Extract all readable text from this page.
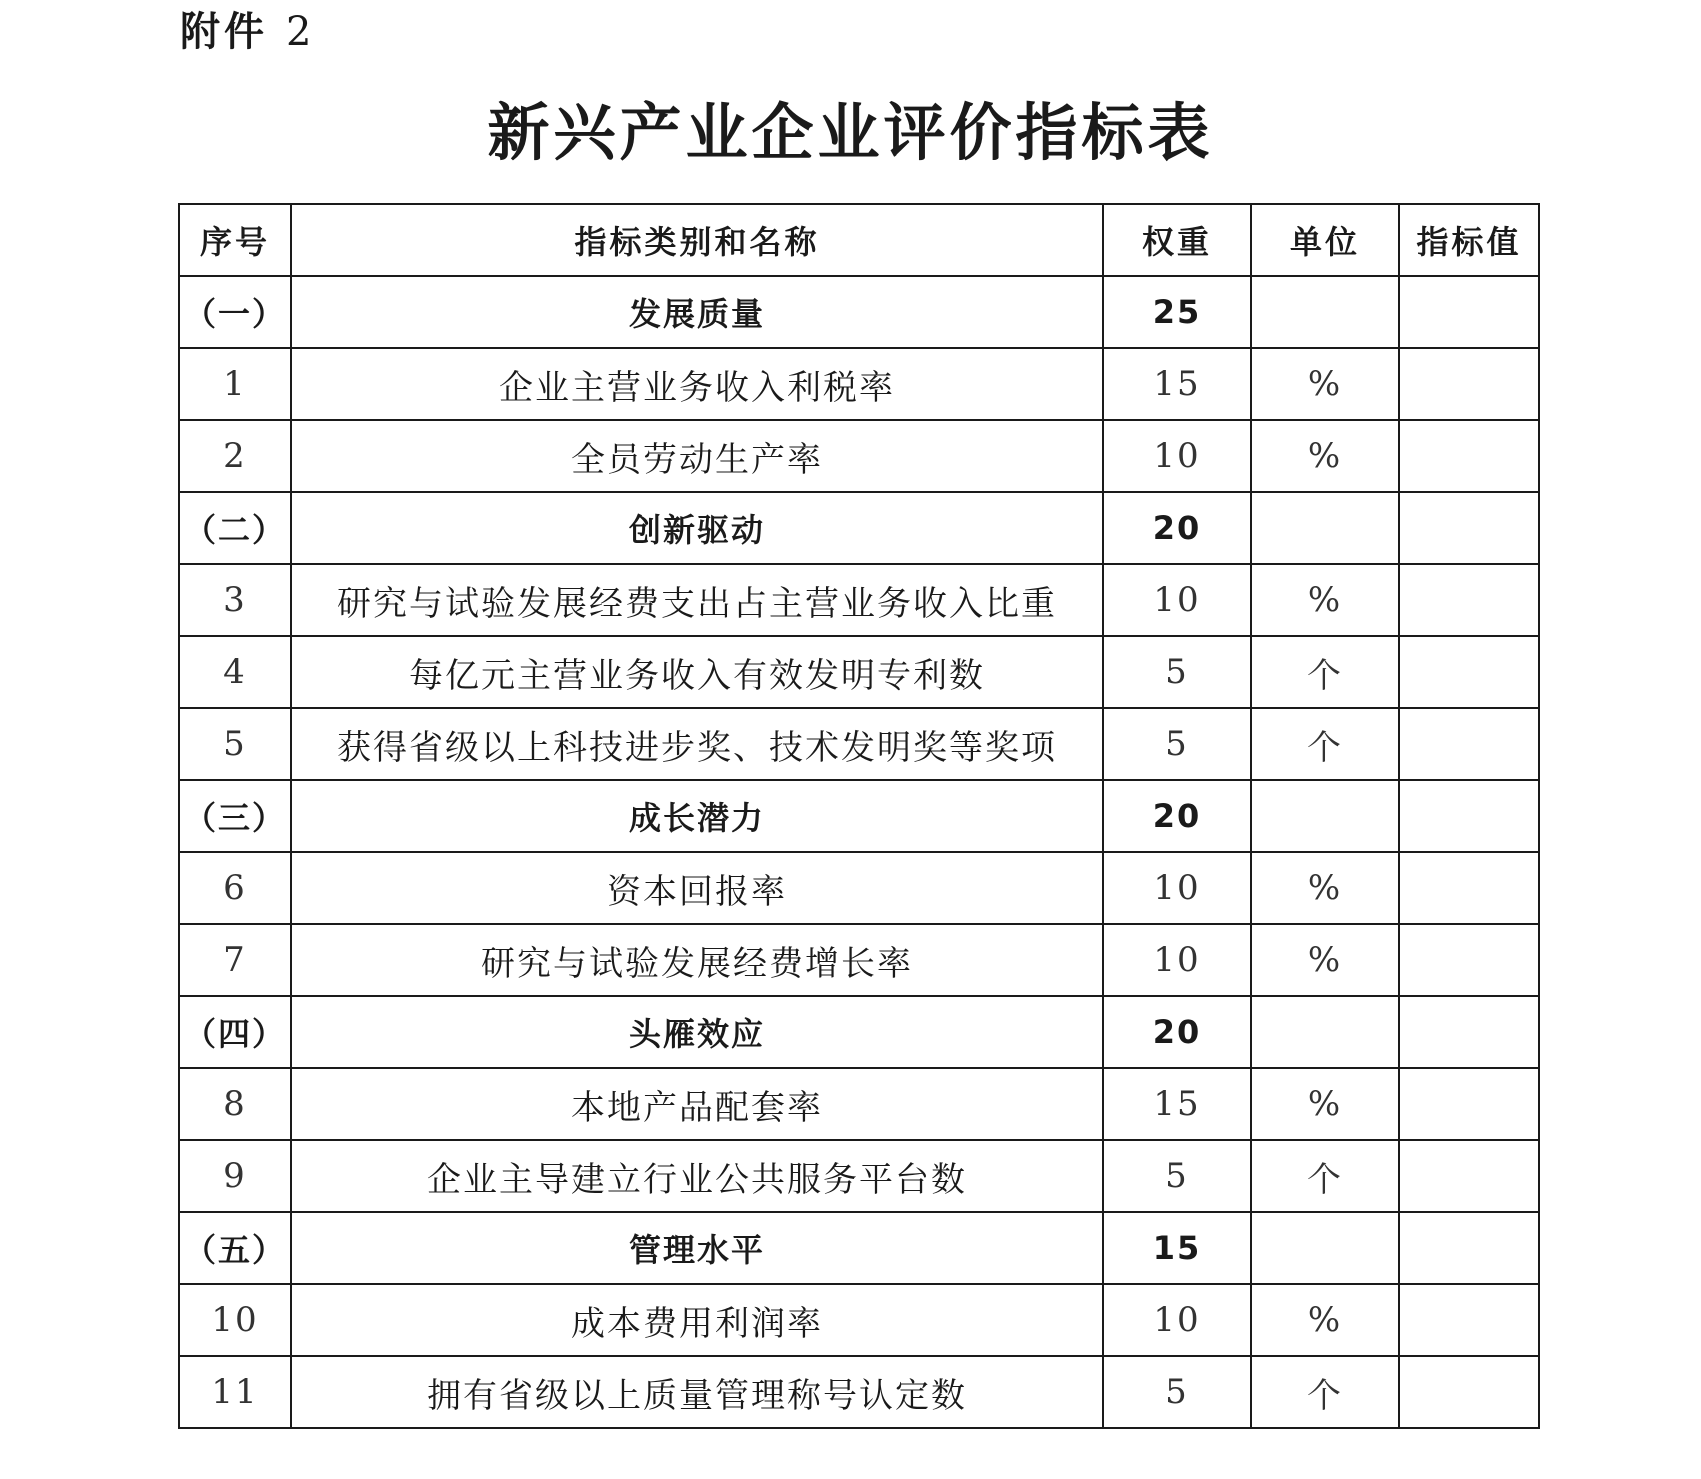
附件 2
新兴产业企业评价指标表
序号	指标类别和名称	权重	单位	指标值
（一）	发展质量	25		
1	企业主营业务收入利税率	15	%	
2	全员劳动生产率	10	%	
（二）	创新驱动	20		
3	研究与试验发展经费支出占主营业务收入比重	10	%	
4	每亿元主营业务收入有效发明专利数	5	个	
5	获得省级以上科技进步奖、技术发明奖等奖项	5	个	
（三）	成长潜力	20		
6	资本回报率	10	%	
7	研究与试验发展经费增长率	10	%	
（四）	头雁效应	20		
8	本地产品配套率	15	%	
9	企业主导建立行业公共服务平台数	5	个	
（五）	管理水平	15		
10	成本费用利润率	10	%	
11	拥有省级以上质量管理称号认定数	5	个	
